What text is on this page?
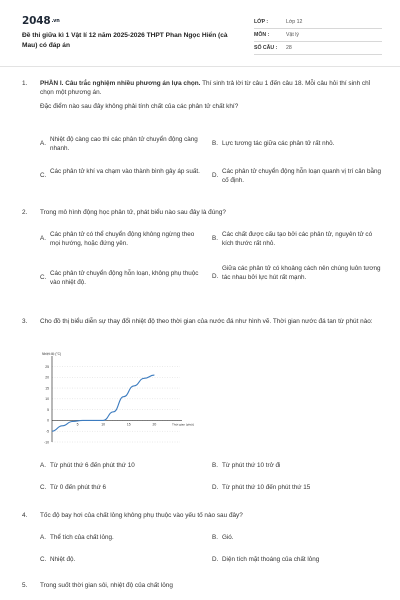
2048.vn
Đề thi giữa kì 1 Vật lí 12 năm 2025-2026 THPT Phan Ngọc Hiển (cà Mau) có đáp án
LỚP :	Lớp 12
MÔN :	Vật lý
SỐ CÂU : 28
1. PHẦN I. Câu trắc nghiệm nhiều phương án lựa chọn. Thí sinh trả lời từ câu 1 đến câu 18. Mỗi câu hỏi thí sinh chỉ chọn một phương án.
Đặc điểm nào sau đây không phải tính chất của các phân tử chất khí?
A.
Nhiệt độ càng cao thì các phân tử chuyển động càng nhanh.
B. Lực tương tác giữa các phân tử rất nhỏ.
C.
Các phân tử khí va chạm vào thành bình gây áp suất.
D.
Các phân tử chuyển động hỗn loạn quanh vị trí cân bằng cố định.
2. Trong mô hình động học phân tử, phát biểu nào sau đây là đúng?
A.
Các phân tử có thể chuyển động không ngừng theo mọi hướng, hoặc đứng yên.
B.
Các chất được cấu tạo bởi các phân tử, nguyên tử có kích thước rất nhỏ.
C.
Các phân tử chuyển động hỗn loạn, không phụ thuộc vào nhiệt độ.
D.
Giữa các phân tử có khoảng cách nên chúng luôn tương tác nhau bởi lực hút rất mạnh.
3. Cho đồ thị biểu diễn sự thay đổi nhiệt độ theo thời gian của nước đá như hình vẽ. Thời gian nước đá tan từ phút nào:
-10
-5
0
5
10
15
20
25
5	10	15	20
Nhiệt độ (°C)
Thời gian (phút)
A. Từ phút thứ 6 đến phút thứ 10	B. Từ phút thứ 10 trở đi
C. Từ 0 đến phút thứ 6	D. Từ phút thứ 10 đến phút thứ 15
4. Tốc độ bay hơi của chất lỏng không phụ thuộc vào yếu tố nào sau đây?
A. Thể tích của chất lỏng.	B. Gió.
C. Nhiệt độ.	D. Diện tích mặt thoáng của chất lỏng
5. Trong suốt thời gian sôi, nhiệt độ của chất lỏng
